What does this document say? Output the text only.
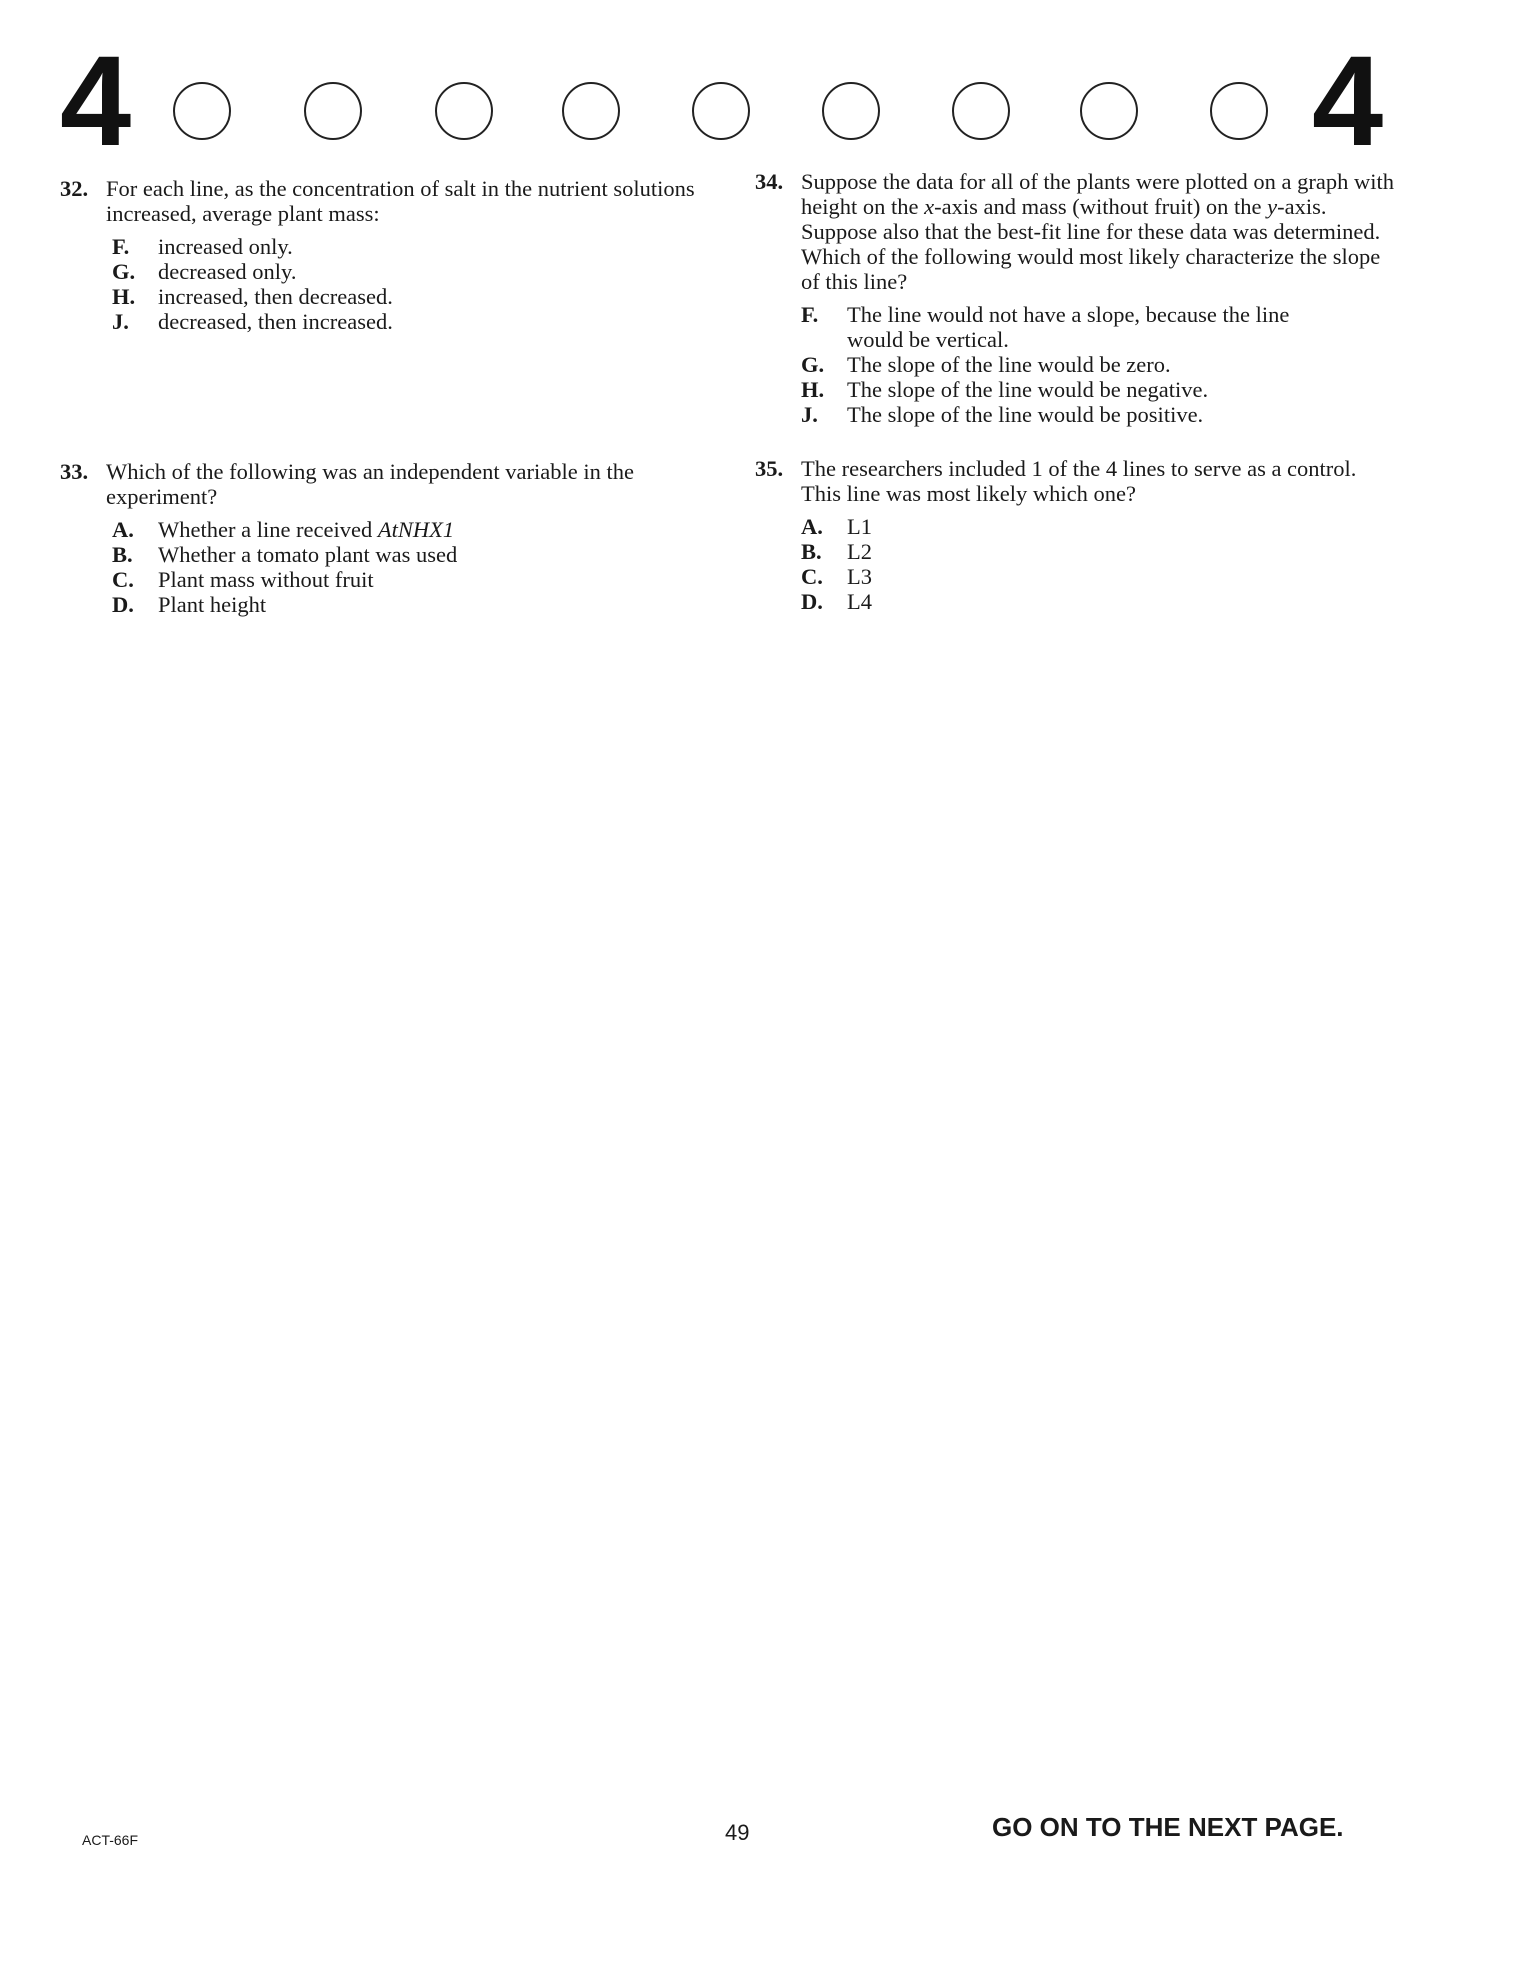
4	4
32. For each line, as the concentration of salt in the nutrient solutions increased, average plant mass:
F.	increased only.
G.	decreased only.
H.	increased, then decreased.
J.	decreased, then increased.
33. Which of the following was an independent variable in the experiment?
A.	Whether a line received AtNHX1
B.	Whether a tomato plant was used
C.	Plant mass without fruit
D.	Plant height
34. Suppose the data for all of the plants were plotted on a graph with height on the x-axis and mass (without fruit) on the y-axis. Suppose also that the best-fit line for these data was determined. Which of the following would most likely characterize the slope of this line?
F.	The line would not have a slope, because the line
would be vertical.
G.	The slope of the line would be zero.
H.	The slope of the line would be negative.
J.	The slope of the line would be positive.
35. The researchers included 1 of the 4 lines to serve as a control. This line was most likely which one?
A.	L1
B.	L2
C.	L3
D.	L4
ACT-66F	49	GO ON TO THE NEXT PAGE.
